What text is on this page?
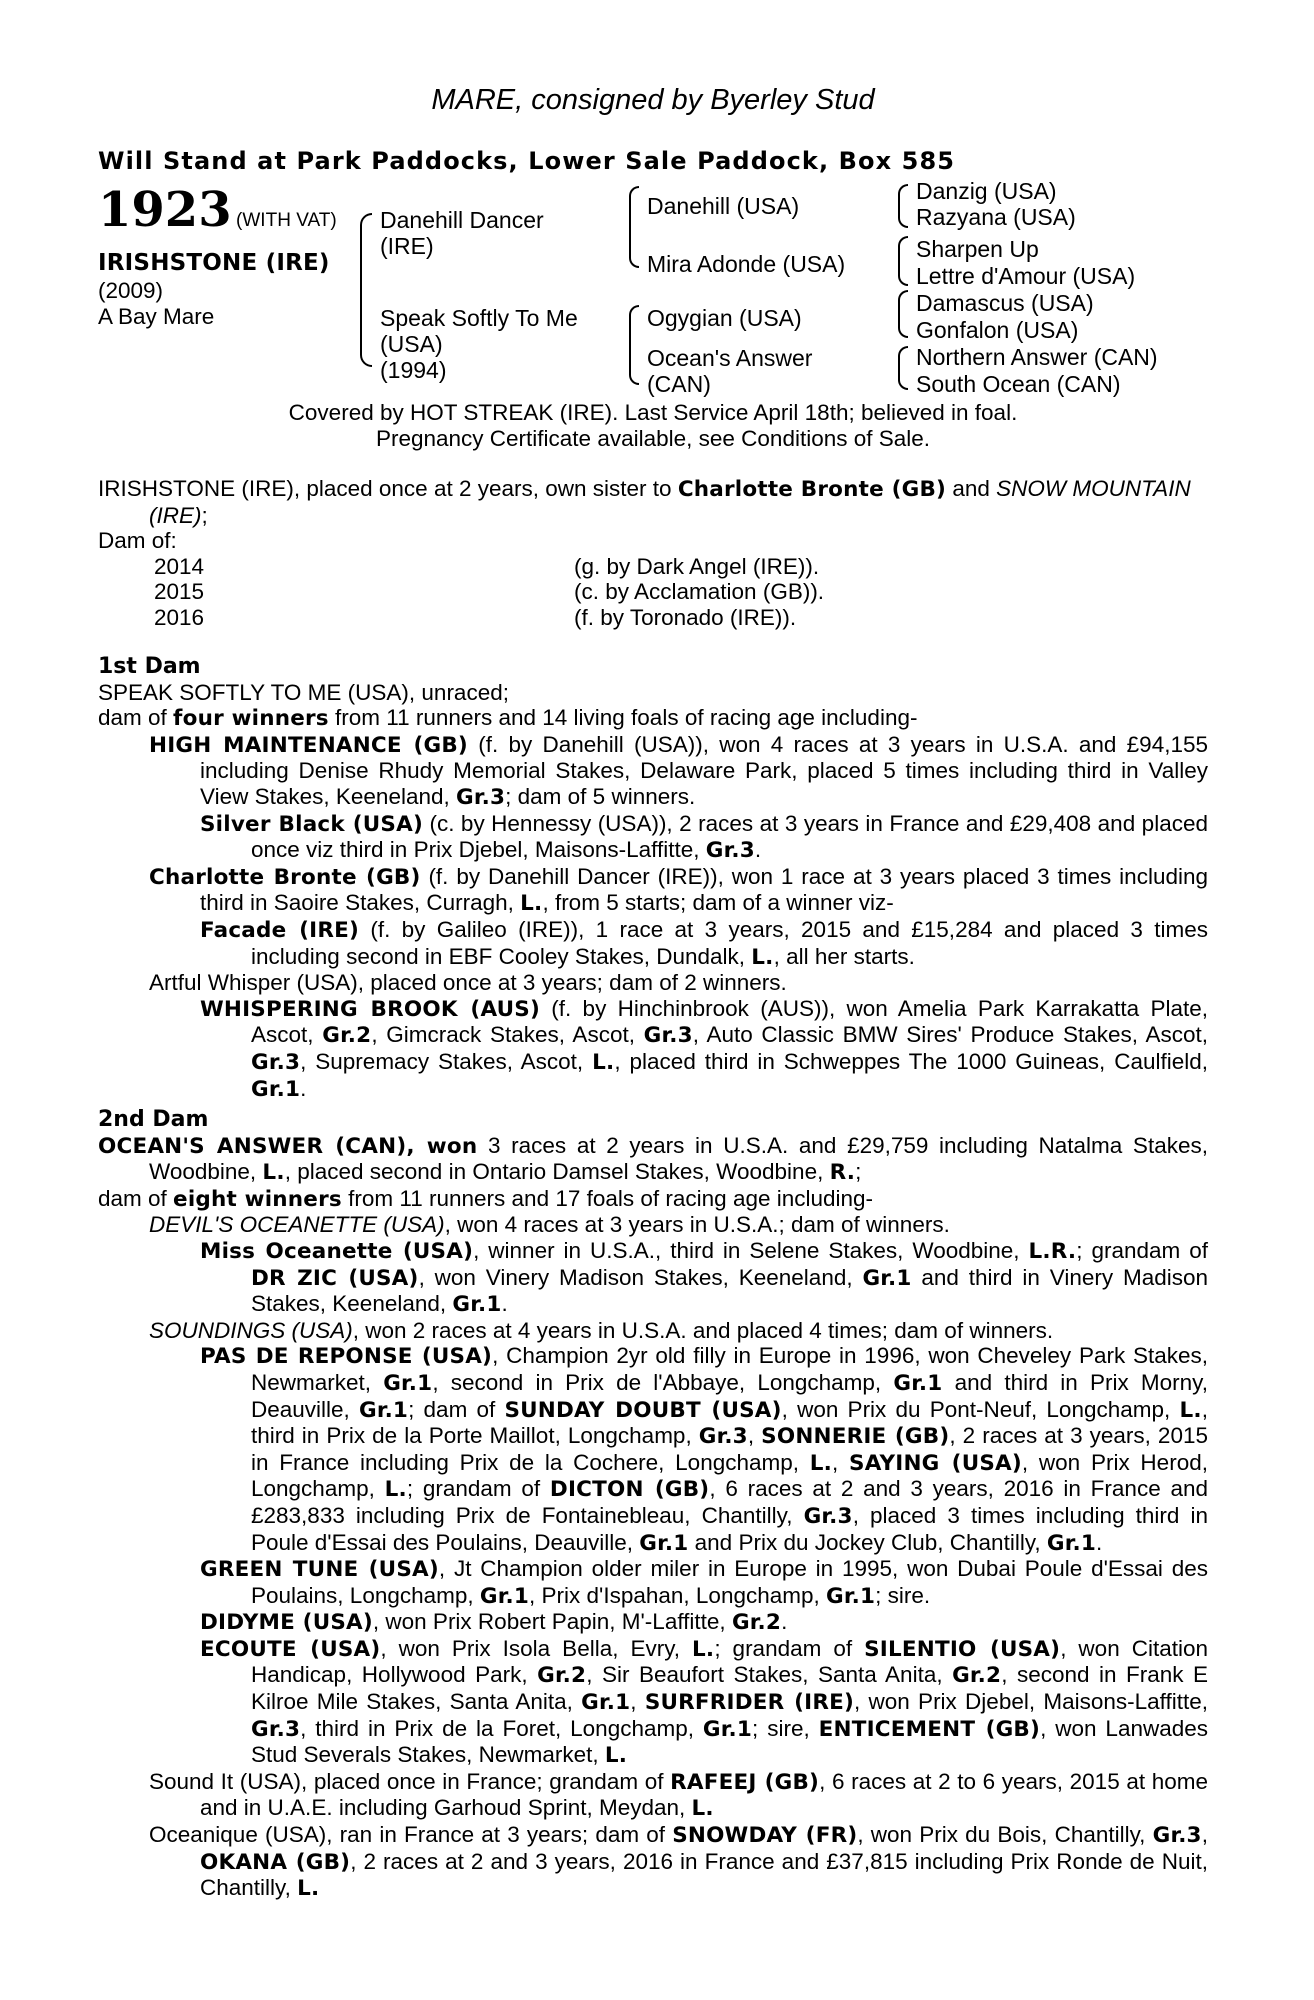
MARE, consigned by Byerley Stud
Will Stand at Park Paddocks, Lower Sale Paddock, Box 585
1923 (WITH VAT)
IRISHSTONE (IRE)
(2009)
A Bay Mare
Danehill Dancer
(IRE)
Speak Softly To Me
(USA)
(1994)
Danehill (USA)
Mira Adonde (USA)
Ogygian (USA)
Ocean's Answer
(CAN)
Danzig (USA)
Razyana (USA)
Sharpen Up
Lettre d'Amour (USA)
Damascus (USA)
Gonfalon (USA)
Northern Answer (CAN)
South Ocean (CAN)
Covered by HOT STREAK (IRE). Last Service April 18th; believed in foal.
Pregnancy Certificate available, see Conditions of Sale.
IRISHSTONE (IRE), placed once at 2 years, own sister to Charlotte Bronte (GB) and SNOW MOUNTAIN (IRE);
Dam of:
2014	(g. by Dark Angel (IRE)).
2015	(c. by Acclamation (GB)).
2016	(f. by Toronado (IRE)).
1st Dam
SPEAK SOFTLY TO ME (USA), unraced;
dam of four winners from 11 runners and 14 living foals of racing age including-
HIGH MAINTENANCE (GB) (f. by Danehill (USA)), won 4 races at 3 years in U.S.A. and £94,155 including Denise Rhudy Memorial Stakes, Delaware Park, placed 5 times including third in Valley View Stakes, Keeneland, Gr.3; dam of 5 winners.
Silver Black (USA) (c. by Hennessy (USA)), 2 races at 3 years in France and £29,408 and placed once viz third in Prix Djebel, Maisons-Laffitte, Gr.3.
Charlotte Bronte (GB) (f. by Danehill Dancer (IRE)), won 1 race at 3 years placed 3 times including third in Saoire Stakes, Curragh, L., from 5 starts; dam of a winner viz-
Facade (IRE) (f. by Galileo (IRE)), 1 race at 3 years, 2015 and £15,284 and placed 3 times including second in EBF Cooley Stakes, Dundalk, L., all her starts.
Artful Whisper (USA), placed once at 3 years; dam of 2 winners.
WHISPERING BROOK (AUS) (f. by Hinchinbrook (AUS)), won Amelia Park Karrakatta Plate, Ascot, Gr.2, Gimcrack Stakes, Ascot, Gr.3, Auto Classic BMW Sires' Produce Stakes, Ascot, Gr.3, Supremacy Stakes, Ascot, L., placed third in Schweppes The 1000 Guineas, Caulfield, Gr.1.
2nd Dam
OCEAN'S ANSWER (CAN), won 3 races at 2 years in U.S.A. and £29,759 including Natalma Stakes, Woodbine, L., placed second in Ontario Damsel Stakes, Woodbine, R.;
dam of eight winners from 11 runners and 17 foals of racing age including-
DEVIL'S OCEANETTE (USA), won 4 races at 3 years in U.S.A.; dam of winners.
Miss Oceanette (USA), winner in U.S.A., third in Selene Stakes, Woodbine, L.R.; grandam of DR ZIC (USA), won Vinery Madison Stakes, Keeneland, Gr.1 and third in Vinery Madison Stakes, Keeneland, Gr.1.
SOUNDINGS (USA), won 2 races at 4 years in U.S.A. and placed 4 times; dam of winners.
PAS DE REPONSE (USA), Champion 2yr old filly in Europe in 1996, won Cheveley Park Stakes, Newmarket, Gr.1, second in Prix de l'Abbaye, Longchamp, Gr.1 and third in Prix Morny, Deauville, Gr.1; dam of SUNDAY DOUBT (USA), won Prix du Pont-Neuf, Longchamp, L., third in Prix de la Porte Maillot, Longchamp, Gr.3, SONNERIE (GB), 2 races at 3 years, 2015 in France including Prix de la Cochere, Longchamp, L., SAYING (USA), won Prix Herod, Longchamp, L.; grandam of DICTON (GB), 6 races at 2 and 3 years, 2016 in France and £283,833 including Prix de Fontainebleau, Chantilly, Gr.3, placed 3 times including third in Poule d'Essai des Poulains, Deauville, Gr.1 and Prix du Jockey Club, Chantilly, Gr.1.
GREEN TUNE (USA), Jt Champion older miler in Europe in 1995, won Dubai Poule d'Essai des Poulains, Longchamp, Gr.1, Prix d'Ispahan, Longchamp, Gr.1; sire.
DIDYME (USA), won Prix Robert Papin, M'-Laffitte, Gr.2.
ECOUTE (USA), won Prix Isola Bella, Evry, L.; grandam of SILENTIO (USA), won Citation Handicap, Hollywood Park, Gr.2, Sir Beaufort Stakes, Santa Anita, Gr.2, second in Frank E Kilroe Mile Stakes, Santa Anita, Gr.1, SURFRIDER (IRE), won Prix Djebel, Maisons-Laffitte, Gr.3, third in Prix de la Foret, Longchamp, Gr.1; sire, ENTICEMENT (GB), won Lanwades Stud Severals Stakes, Newmarket, L.
Sound It (USA), placed once in France; grandam of RAFEEJ (GB), 6 races at 2 to 6 years, 2015 at home and in U.A.E. including Garhoud Sprint, Meydan, L.
Oceanique (USA), ran in France at 3 years; dam of SNOWDAY (FR), won Prix du Bois, Chantilly, Gr.3, OKANA (GB), 2 races at 2 and 3 years, 2016 in France and £37,815 including Prix Ronde de Nuit, Chantilly, L.
